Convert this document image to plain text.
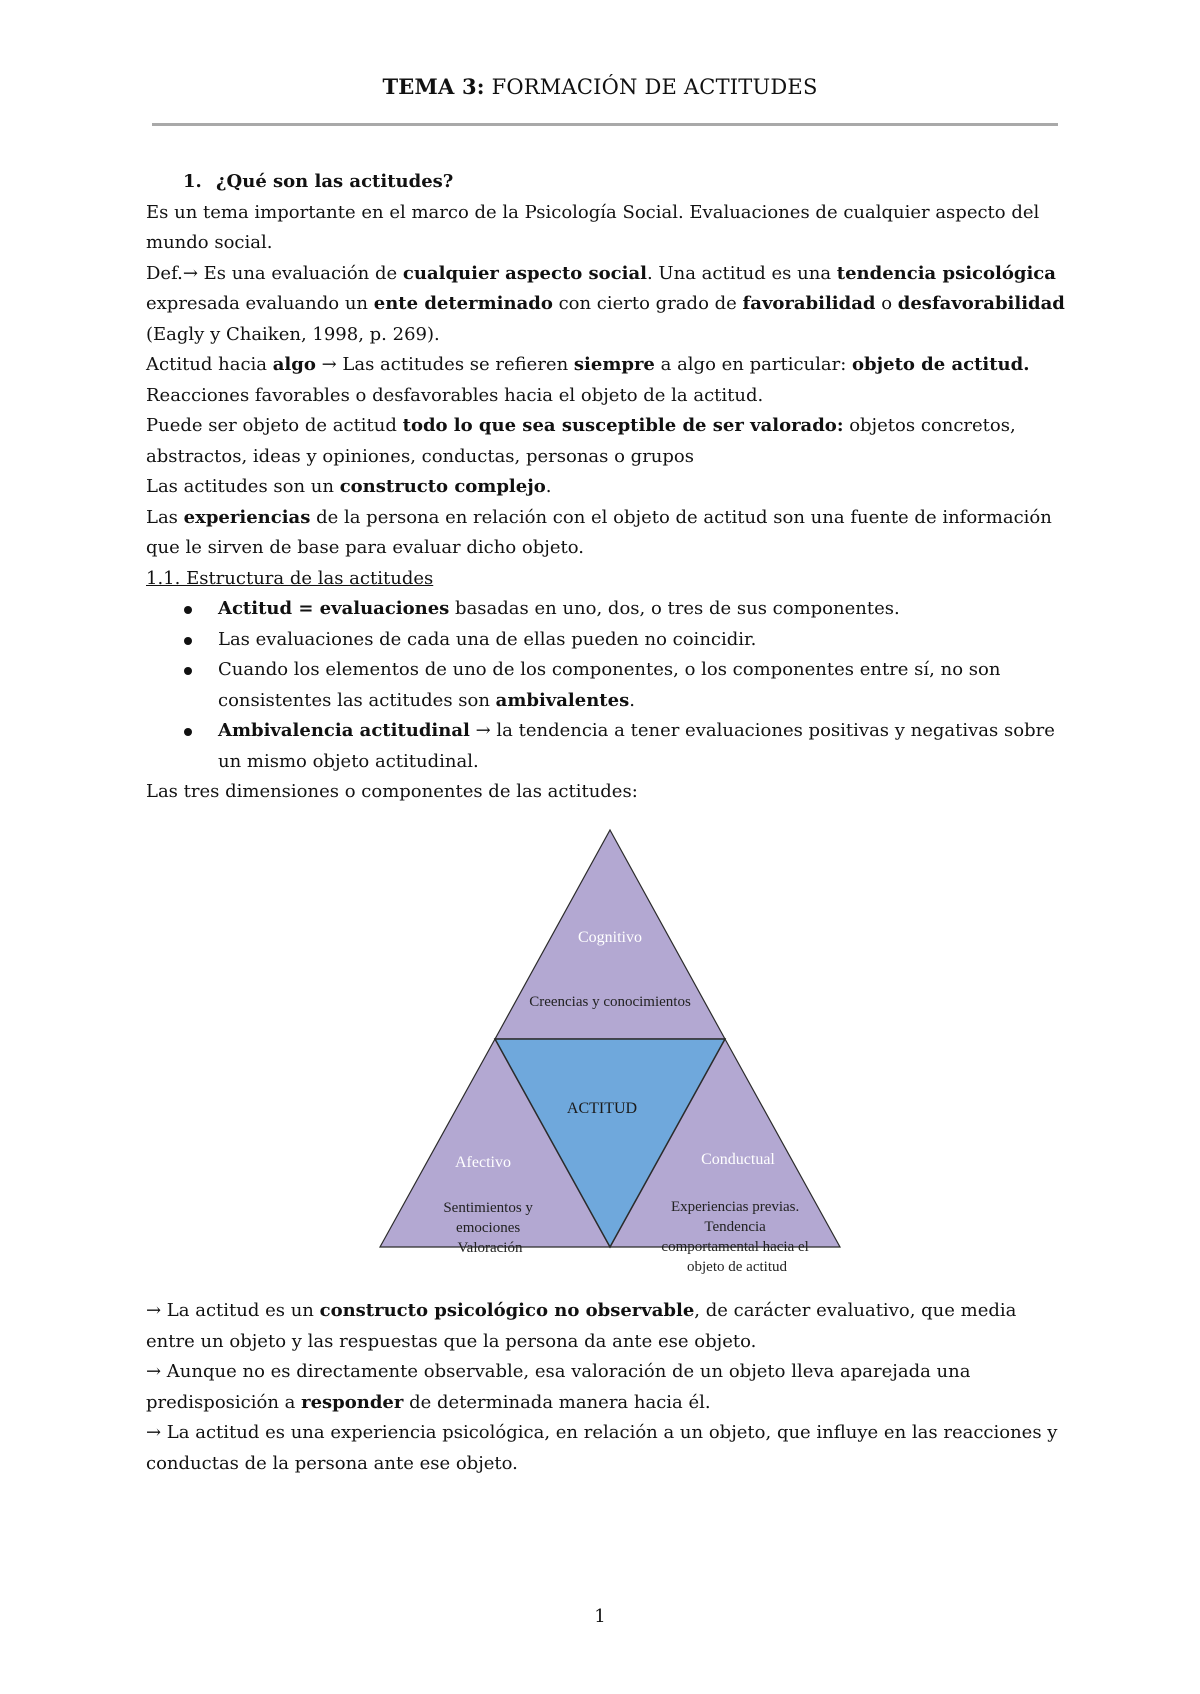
TEMA 3: FORMACIÓN DE ACTITUDES

1. ¿Qué son las actitudes?

Es un tema importante en el marco de la Psicología Social. Evaluaciones de cualquier aspecto del mundo social.

Def.→ Es una evaluación de cualquier aspecto social. Una actitud es una tendencia psicológica expresada evaluando un ente determinado con cierto grado de favorabilidad o desfavorabilidad (Eagly y Chaiken, 1998, p. 269).

Actitud hacia algo → Las actitudes se refieren siempre a algo en particular: objeto de actitud.

Reacciones favorables o desfavorables hacia el objeto de la actitud.

Puede ser objeto de actitud todo lo que sea susceptible de ser valorado: objetos concretos, abstractos, ideas y opiniones, conductas, personas o grupos

Las actitudes son un constructo complejo.

Las experiencias de la persona en relación con el objeto de actitud son una fuente de información que le sirven de base para evaluar dicho objeto.

1.1. Estructura de las actitudes

Actitud = evaluaciones basadas en uno, dos, o tres de sus componentes.
Las evaluaciones de cada una de ellas pueden no coincidir.
Cuando los elementos de uno de los componentes, o los componentes entre sí, no son consistentes las actitudes son ambivalentes.
Ambivalencia actitudinal → la tendencia a tener evaluaciones positivas y negativas sobre un mismo objeto actitudinal.

Las tres dimensiones o componentes de las actitudes:

Cognitivo
Creencias y conocimientos
ACTITUD
Afectivo
Sentimientos y emociones Valoración
Conductual
Experiencias previas. Tendencia comportamental hacia el objeto de actitud

→ La actitud es un constructo psicológico no observable, de carácter evaluativo, que media entre un objeto y las respuestas que la persona da ante ese objeto.

→ Aunque no es directamente observable, esa valoración de un objeto lleva aparejada una predisposición a responder de determinada manera hacia él.

→ La actitud es una experiencia psicológica, en relación a un objeto, que influye en las reacciones y conductas de la persona ante ese objeto.

1
